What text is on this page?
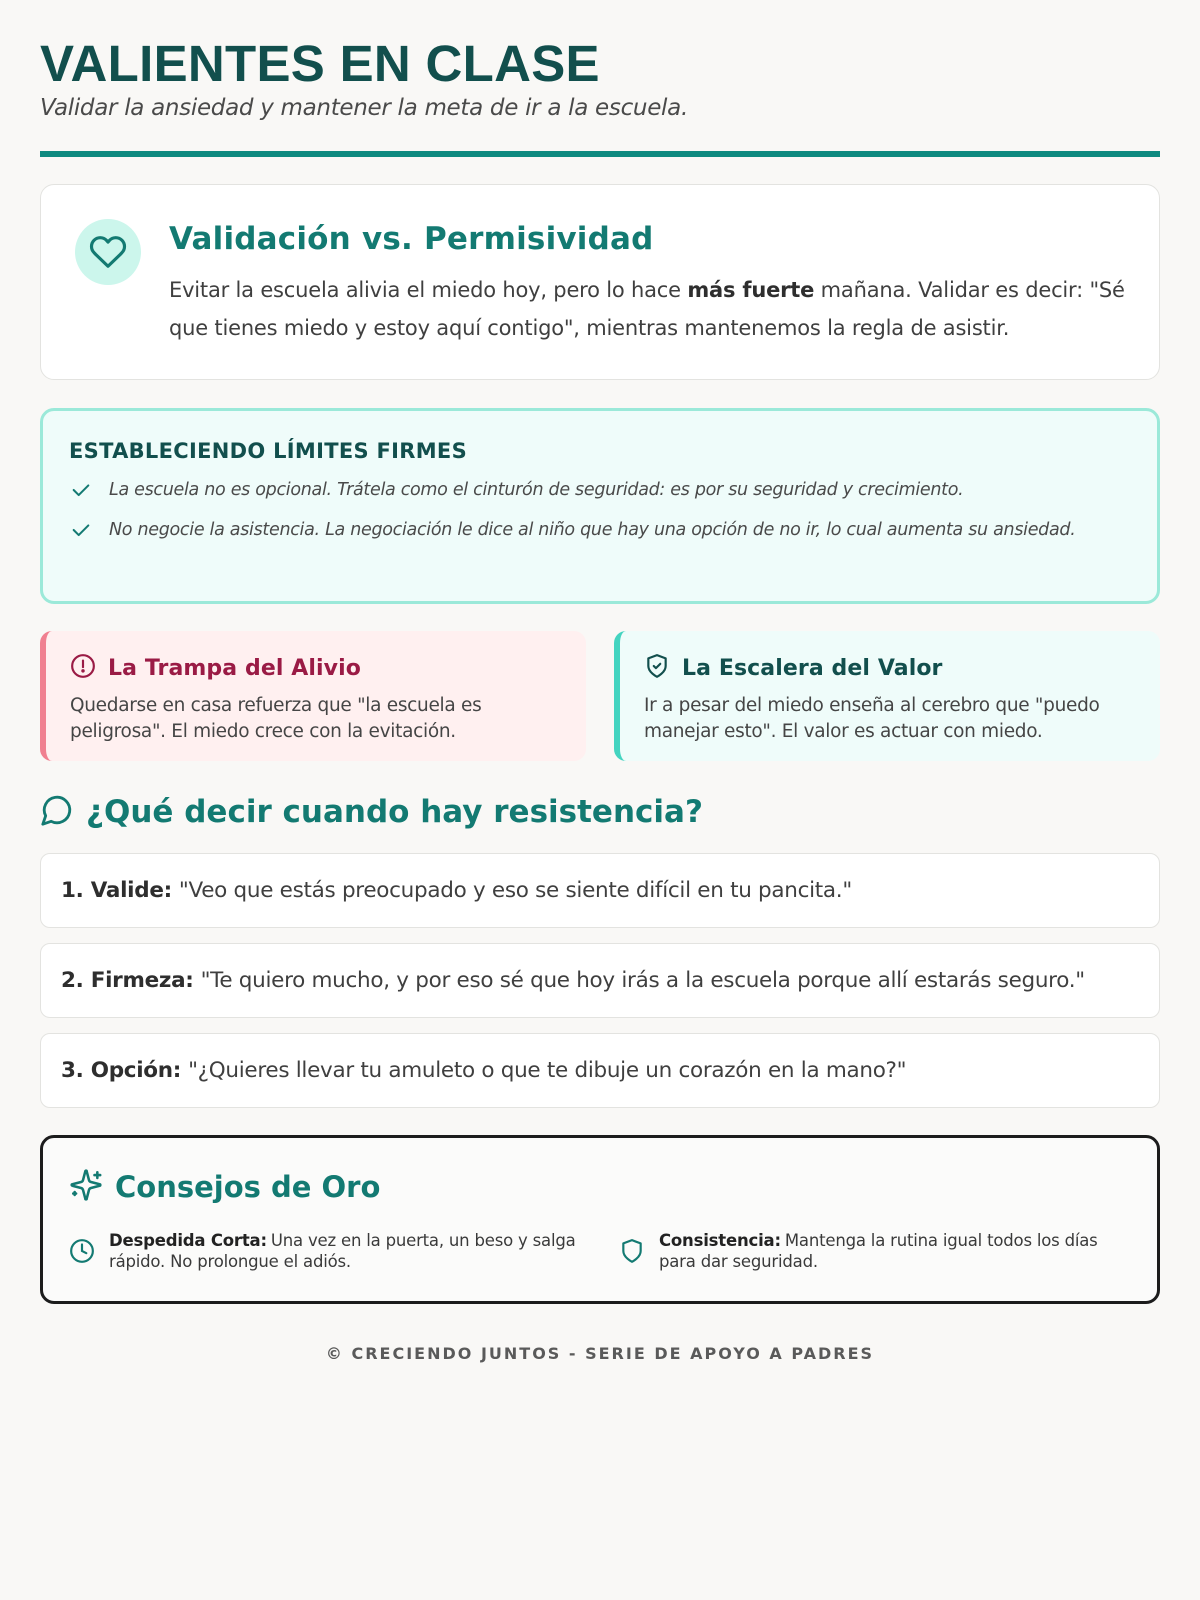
VALIENTES EN CLASE

Validar la ansiedad y mantener la meta de ir a la escuela.

Validación vs. Permisividad

Evitar la escuela alivia el miedo hoy, pero lo hace más fuerte mañana. Validar es decir: "Sé que tienes miedo y estoy aquí contigo", mientras mantenemos la regla de asistir.

ESTABLECIENDO LÍMITES FIRMES
La escuela no es opcional. Trátela como el cinturón de seguridad: es por su seguridad y crecimiento.
No negocie la asistencia. La negociación le dice al niño que hay una opción de no ir, lo cual aumenta su ansiedad.
La Trampa del Alivio

Quedarse en casa refuerza que "la escuela es peligrosa". El miedo crece con la evitación.

La Escalera del Valor

Ir a pesar del miedo enseña al cerebro que "puedo manejar esto". El valor es actuar con miedo.

¿Qué decir cuando hay resistencia?
1. Valide: "Veo que estás preocupado y eso se siente difícil en tu pancita."
2. Firmeza: "Te quiero mucho, y por eso sé que hoy irás a la escuela porque allí estarás seguro."
3. Opción: "¿Quieres llevar tu amuleto o que te dibuje un corazón en la mano?"
Consejos de Oro

Despedida Corta: Una vez en la puerta, un beso y salga rápido. No prolongue el adiós.

Consistencia: Mantenga la rutina igual todos los días para dar seguridad.

© CRECIENDO JUNTOS - SERIE DE APOYO A PADRES
